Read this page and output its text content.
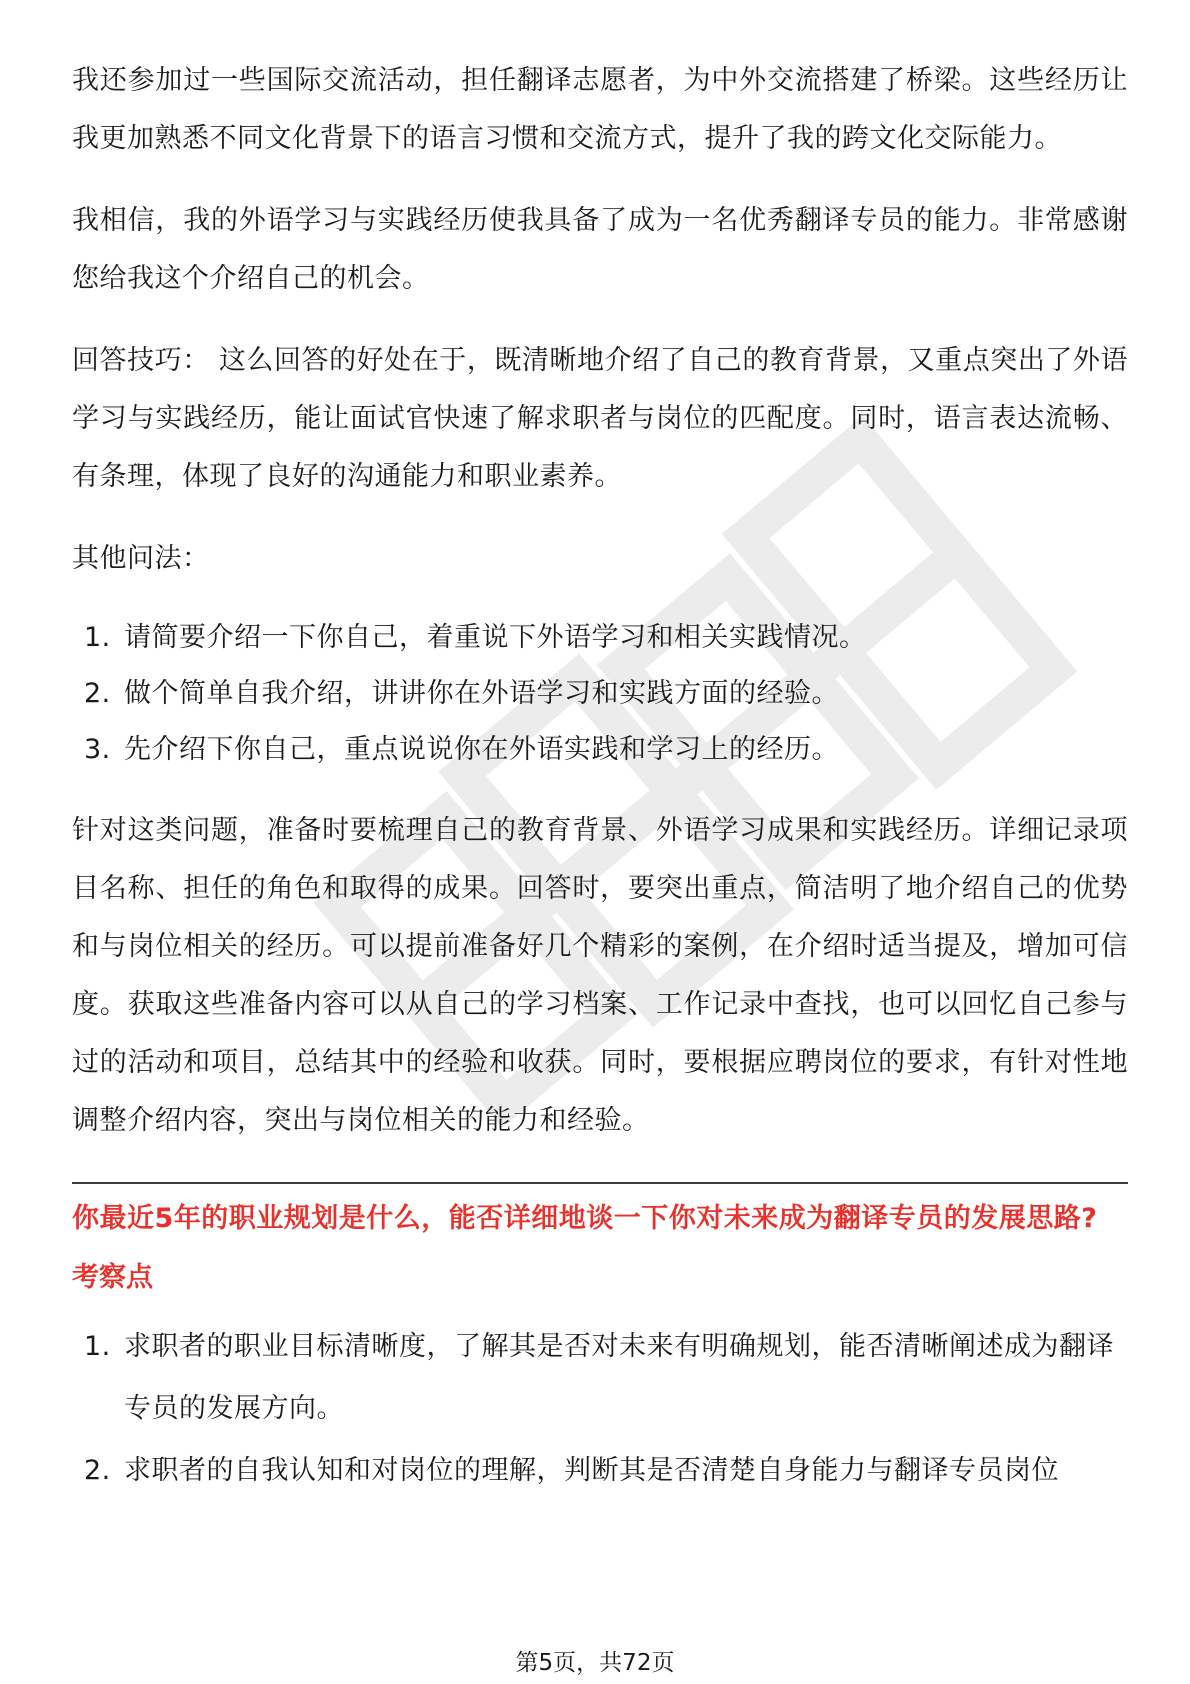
我还参加过一些国际交流活动，担任翻译志愿者，为中外交流搭建了桥梁。这些经历让我更加熟悉不同文化背景下的语言习惯和交流方式，提升了我的跨文化交际能力。

我相信，我的外语学习与实践经历使我具备了成为一名优秀翻译专员的能力。非常感谢您给我这个介绍自己的机会。

回答技巧： 这么回答的好处在于，既清晰地介绍了自己的教育背景，又重点突出了外语学习与实践经历，能让面试官快速了解求职者与岗位的匹配度。同时，语言表达流畅、有条理，体现了良好的沟通能力和职业素养。

其他问法：

1. 请简要介绍一下你自己，着重说下外语学习和相关实践情况。
2. 做个简单自我介绍，讲讲你在外语学习和实践方面的经验。
3. 先介绍下你自己，重点说说你在外语实践和学习上的经历。

针对这类问题，准备时要梳理自己的教育背景、外语学习成果和实践经历。详细记录项目名称、担任的角色和取得的成果。回答时，要突出重点，简洁明了地介绍自己的优势和与岗位相关的经历。可以提前准备好几个精彩的案例，在介绍时适当提及，增加可信度。获取这些准备内容可以从自己的学习档案、工作记录中查找，也可以回忆自己参与过的活动和项目，总结其中的经验和收获。同时，要根据应聘岗位的要求，有针对性地调整介绍内容，突出与岗位相关的能力和经验。

你最近5年的职业规划是什么，能否详细地谈一下你对未来成为翻译专员的发展思路?

考察点
1. 求职者的职业目标清晰度，了解其是否对未来有明确规划，能否清晰阐述成为翻译专员的发展方向。
2. 求职者的自我认知和对岗位的理解，判断其是否清楚自身能力与翻译专员岗位
第5页，共72页
